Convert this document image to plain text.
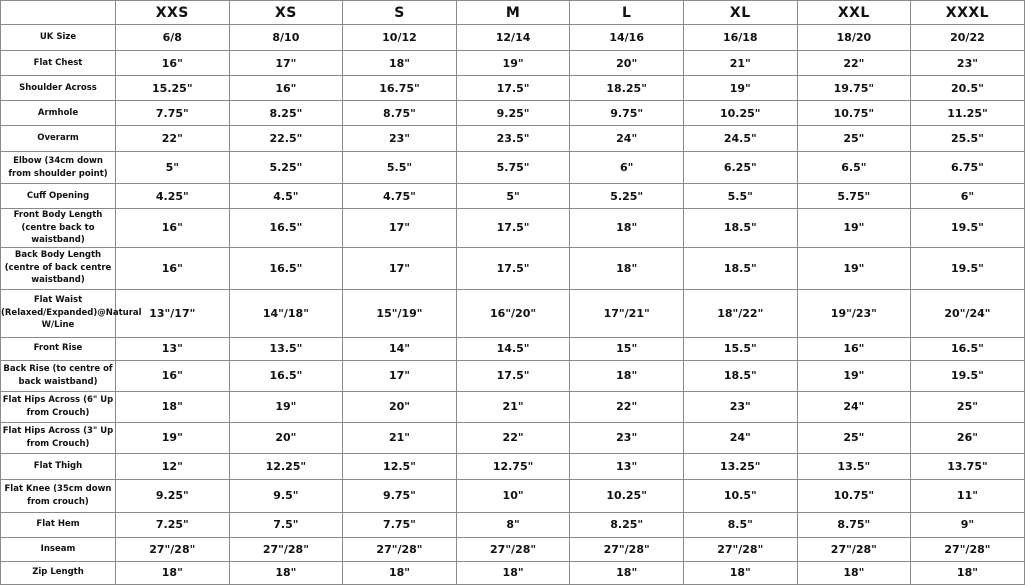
	XXS	XS	S	M	L	XL	XXL	XXXL
UK Size	6/8	8/10	10/12	12/14	14/16	16/18	18/20	20/22
Flat Chest	16"	17"	18"	19"	20"	21"	22"	23"
Shoulder Across	15.25"	16"	16.75"	17.5"	18.25"	19"	19.75"	20.5"
Armhole	7.75"	8.25"	8.75"	9.25"	9.75"	10.25"	10.75"	11.25"
Overarm	22"	22.5"	23"	23.5"	24"	24.5"	25"	25.5"
Elbow (34cm down from shoulder point)	5"	5.25"	5.5"	5.75"	6"	6.25"	6.5"	6.75"
Cuff Opening	4.25"	4.5"	4.75"	5"	5.25"	5.5"	5.75"	6"
Front Body Length (centre back to waistband)	16"	16.5"	17"	17.5"	18"	18.5"	19"	19.5"
Back Body Length (centre of back centre waistband)	16"	16.5"	17"	17.5"	18"	18.5"	19"	19.5"
Flat Waist (Relaxed/Expanded)@Natural W/Line	13"/17"	14"/18"	15"/19"	16"/20"	17"/21"	18"/22"	19"/23"	20"/24"
Front Rise	13"	13.5"	14"	14.5"	15"	15.5"	16"	16.5"
Back Rise (to centre of back waistband)	16"	16.5"	17"	17.5"	18"	18.5"	19"	19.5"
Flat Hips Across (6" Up from Crouch)	18"	19"	20"	21"	22"	23"	24"	25"
Flat Hips Across (3" Up from Crouch)	19"	20"	21"	22"	23"	24"	25"	26"
Flat Thigh	12"	12.25"	12.5"	12.75"	13"	13.25"	13.5"	13.75"
Flat Knee (35cm down from crouch)	9.25"	9.5"	9.75"	10"	10.25"	10.5"	10.75"	11"
Flat Hem	7.25"	7.5"	7.75"	8"	8.25"	8.5"	8.75"	9"
Inseam	27"/28"	27"/28"	27"/28"	27"/28"	27"/28"	27"/28"	27"/28"	27"/28"
Zip Length	18"	18"	18"	18"	18"	18"	18"	18"
